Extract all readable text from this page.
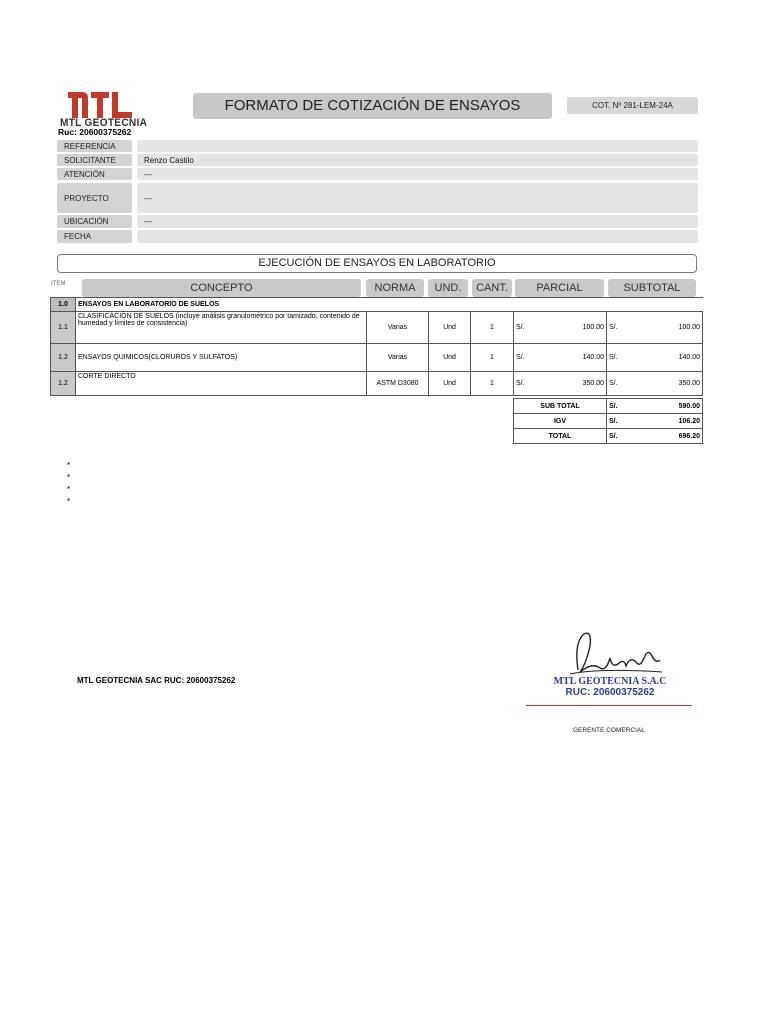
MTL GEOTECNIA
Ruc: 20600375262
FORMATO DE COTIZACIÓN DE ENSAYOS	COT. Nº 281-LEM-24A
REFERENCIA
SOLICITANTE	Renzo Castilo
ATENCIÓN	---
PROYECTO	---
UBICACIÓN	---
FECHA
EJECUCIÓN DE ENSAYOS EN LABORATORIO
ITEM	CONCEPTO	NORMA	UND.	CANT.	PARCIAL	SUBTOTAL
1.0	ENSAYOS EN LABORATORIO DE SUELOS					
1.1	CLASIFICACIÓN DE SUELOS (incluye análisis granulométrico por tamizado, contenido de humedad y límites de consistencia)	Varias	Und	1	S/. 100.00	S/. 100.00

1.2	ENSAYOS QUIMICOS(CLORUROS Y SULFATOS)	Varias	Und	1	S/. 140.00	S/. 140.00

1.2	CORTE DIRECTO	ASTM D3080	Und	1	S/. 350.00	S/. 350.00
SUB TOTAL	S/. 590.00

IGV	S/. 106.20

TOTAL	S/. 696.20
*
*
*
*
MTL GEOTECNIA SAC RUC: 20600375262	MTL GEOTECNIA S.A.C
RUC: 20600375262
GERENTE COMERCIAL
